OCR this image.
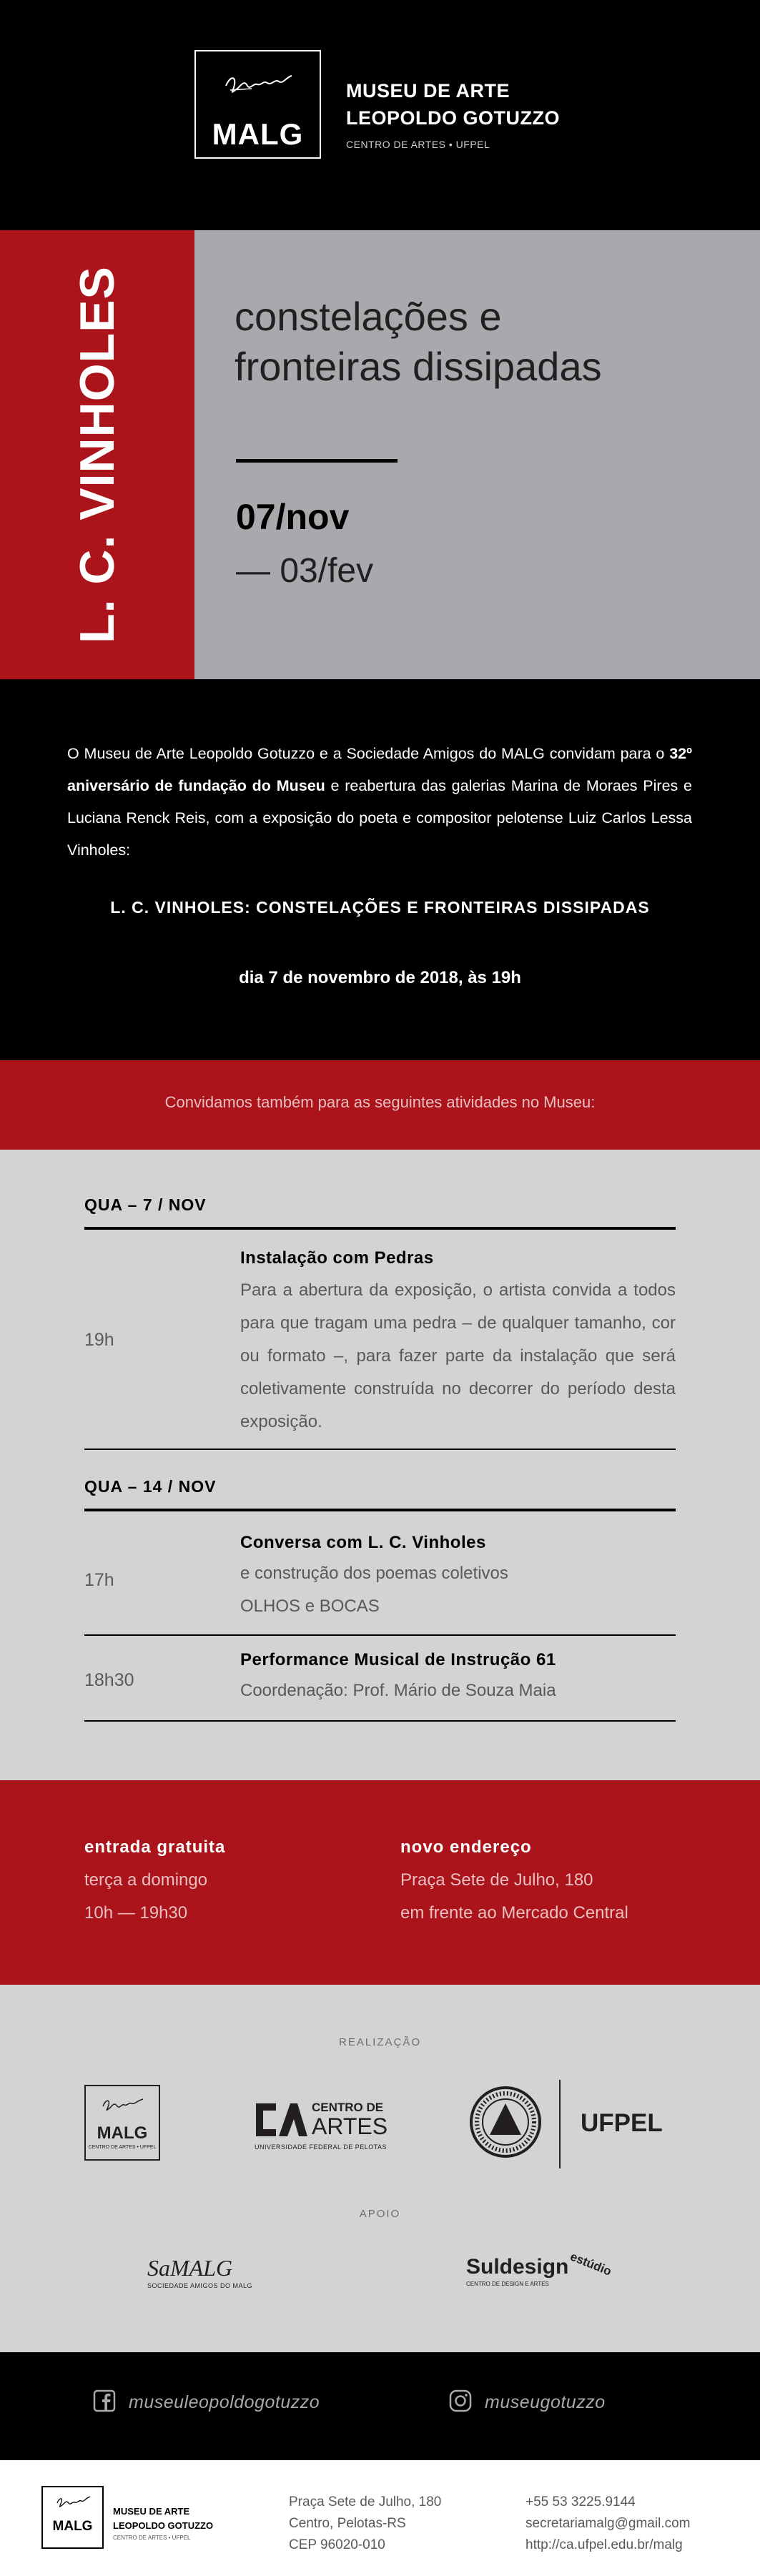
MALG
MUSEU DE ARTE
LEOPOLDO GOTUZZO
CENTRO DE ARTES • UFPEL
L. C. VINHOLES	constelações e
fronteiras dissipadas
07/nov
— 03/fev

O Museu de Arte Leopoldo Gotuzzo e a Sociedade Amigos do MALG convidam para o 32º aniversário de fundação do Museu e reabertura das galerias Marina de Moraes Pires e Luciana Renck Reis, com a exposição do poeta e compositor pelotense Luiz Carlos Lessa Vinholes:

L. C. VINHOLES: CONSTELAÇÕES E FRONTEIRAS DISSIPADAS
dia 7 de novembro de 2018, às 19h
Convidamos também para as seguintes atividades no Museu:
QUA – 7 / NOV
19h
Instalação com Pedras
Para a abertura da exposição, o artista convida a todos para que tragam uma pedra – de qualquer tamanho, cor ou formato –, para fazer parte da instalação que será coletivamente construída no decorrer do período desta exposição.
QUA – 14 / NOV
17h
Conversa com L. C. Vinholes
e construção dos poemas coletivos
OLHOS e BOCAS
18h30
Performance Musical de Instrução 61
Coordenação: Prof. Mário de Souza Maia
entrada gratuita
terça a domingo
10h — 19h30
novo endereço
Praça Sete de Julho, 180
em frente ao Mercado Central
REALIZAÇÃO
MALG
CENTRO DE ARTES • UFPEL
CENTRO DE
ARTES
UNIVERSIDADE FEDERAL DE PELOTAS
UFPEL
APOIO
SaMALG
SOCIEDADE AMIGOS DO MALG
Suldesign
CENTRO DE DESIGN E ARTES
estúdio
museuleopoldogotuzzo	museugotuzzo
MALG
MUSEU DE ARTE
LEOPOLDO GOTUZZO
CENTRO DE ARTES • UFPEL
Praça Sete de Julho, 180
Centro, Pelotas-RS
CEP 96020-010
+55 53 3225.9144
secretariamalg@gmail.com
http://ca.ufpel.edu.br/malg
